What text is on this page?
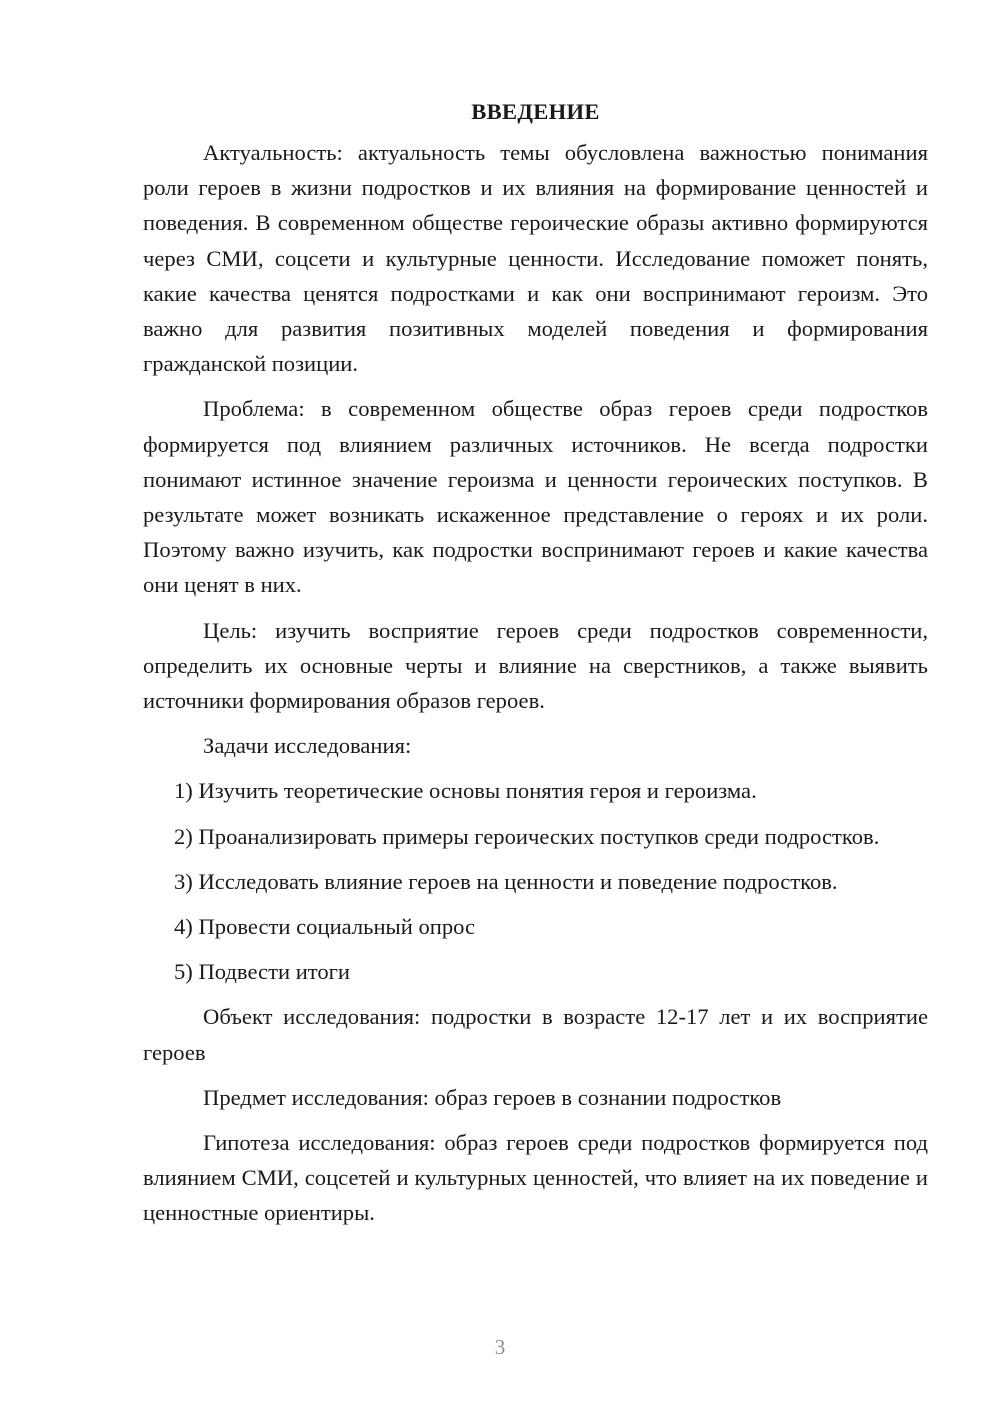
ВВЕДЕНИЕ

Актуальность: актуальность темы обусловлена важностью понимания роли героев в жизни подростков и их влияния на формирование ценностей и поведения. В современном обществе героические образы активно формируются через СМИ, соцсети и культурные ценности. Исследование поможет понять, какие качества ценятся подростками и как они воспринимают героизм. Это важно для развития позитивных моделей поведения и формирования гражданской позиции.

Проблема: в современном обществе образ героев среди подростков формируется под влиянием различных источников. Не всегда подростки понимают истинное значение героизма и ценности героических поступков. В результате может возникать искаженное представление о героях и их роли. Поэтому важно изучить, как подростки воспринимают героев и какие качества они ценят в них.

Цель: изучить восприятие героев среди подростков современности, определить их основные черты и влияние на сверстников, а также выявить источники формирования образов героев.

Задачи исследования:

1) Изучить теоретические основы понятия героя и героизма.

2) Проанализировать примеры героических поступков среди подростков.

3) Исследовать влияние героев на ценности и поведение подростков.

4) Провести социальный опрос

5) Подвести итоги

Объект исследования: подростки в возрасте 12-17 лет и их восприятие героев

Предмет исследования: образ героев в сознании подростков

Гипотеза исследования: образ героев среди подростков формируется под влиянием СМИ, соцсетей и культурных ценностей, что влияет на их поведение и ценностные ориентиры.

3
